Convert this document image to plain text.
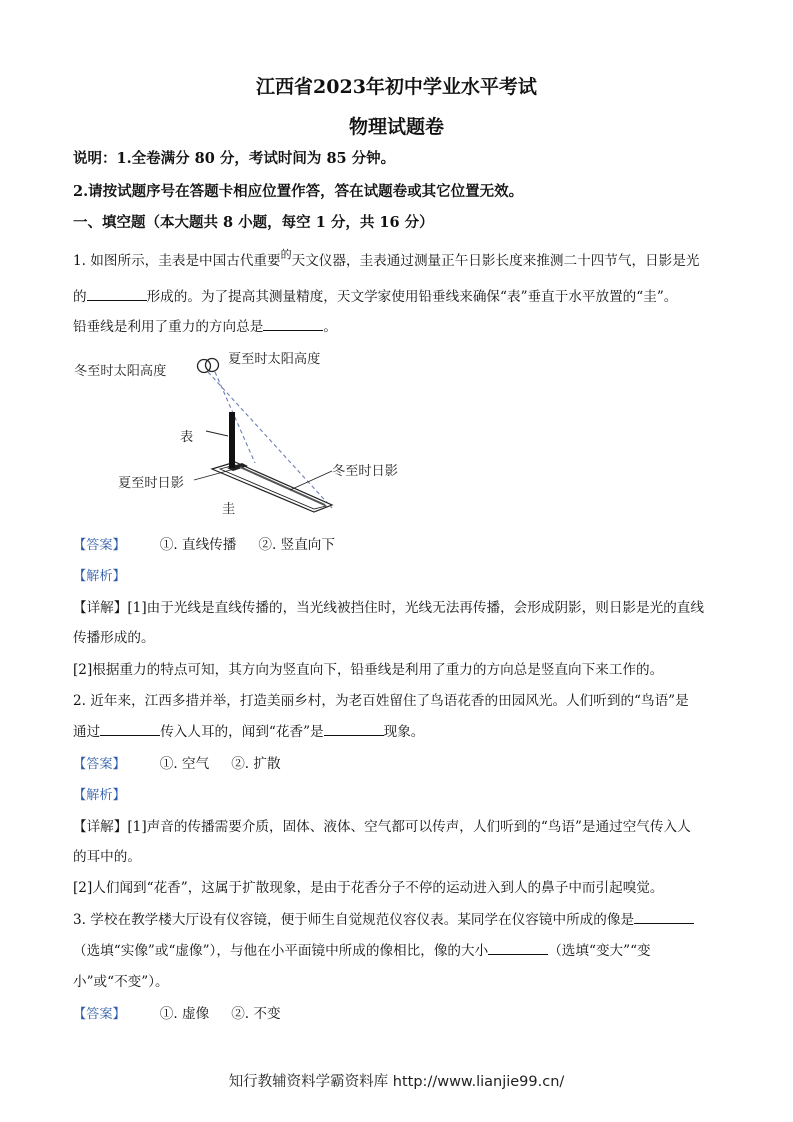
江西省2023年初中学业水平考试
物理试题卷
说明：1.全卷满分 80 分，考试时间为 85 分钟。
2.请按试题序号在答题卡相应位置作答，答在试题卷或其它位置无效。
一、填空题（本大题共 8 小题，每空 1 分，共 16 分）
1. 如图所示，圭表是中国古代重要$^的$天文仪器，圭表通过测量正午日影长度来推测二十四节气，日影是光
的	形成的。为了提高其测量精度，天文学家使用铅垂线来确保“表”垂直于水平放置的“圭”。
铅垂线是利用了重力的方向总是	。
冬至时太阳高度
夏至时太阳高度
表
夏至时日影
冬至时日影
圭
【答案】	①. 直线传播 ②. 竖直向下
【解析】
【详解】[1]由于光线是直线传播的，当光线被挡住时，光线无法再传播，会形成阴影，则日影是光的直线
传播形成的。
[2]根据重力的特点可知，其方向为竖直向下，铅垂线是利用了重力的方向总是竖直向下来工作的。
2. 近年来，江西多措并举，打造美丽乡村，为老百姓留住了鸟语花香的田园风光。人们听到的“鸟语”是
通过	传入人耳的，闻到“花香”是	现象。
【答案】	①. 空气 ②. 扩散
【解析】
【详解】[1]声音的传播需要介质，固体、液体、空气都可以传声，人们听到的“鸟语”是通过空气传入人
的耳中的。
[2]人们闻到“花香”，这属于扩散现象，是由于花香分子不停的运动进入到人的鼻子中而引起嗅觉。
3. 学校在教学楼大厅设有仪容镜，便于师生自觉规范仪容仪表。某同学在仪容镜中所成的像是
（选填“实像”或“虚像”），与他在小平面镜中所成的像相比，像的大小	（选填“变大”“变
小”或“不变”）。
【答案】	①. 虚像 ②. 不变
知行教辅资料学霸资料库 http://www.lianjie99.cn/
